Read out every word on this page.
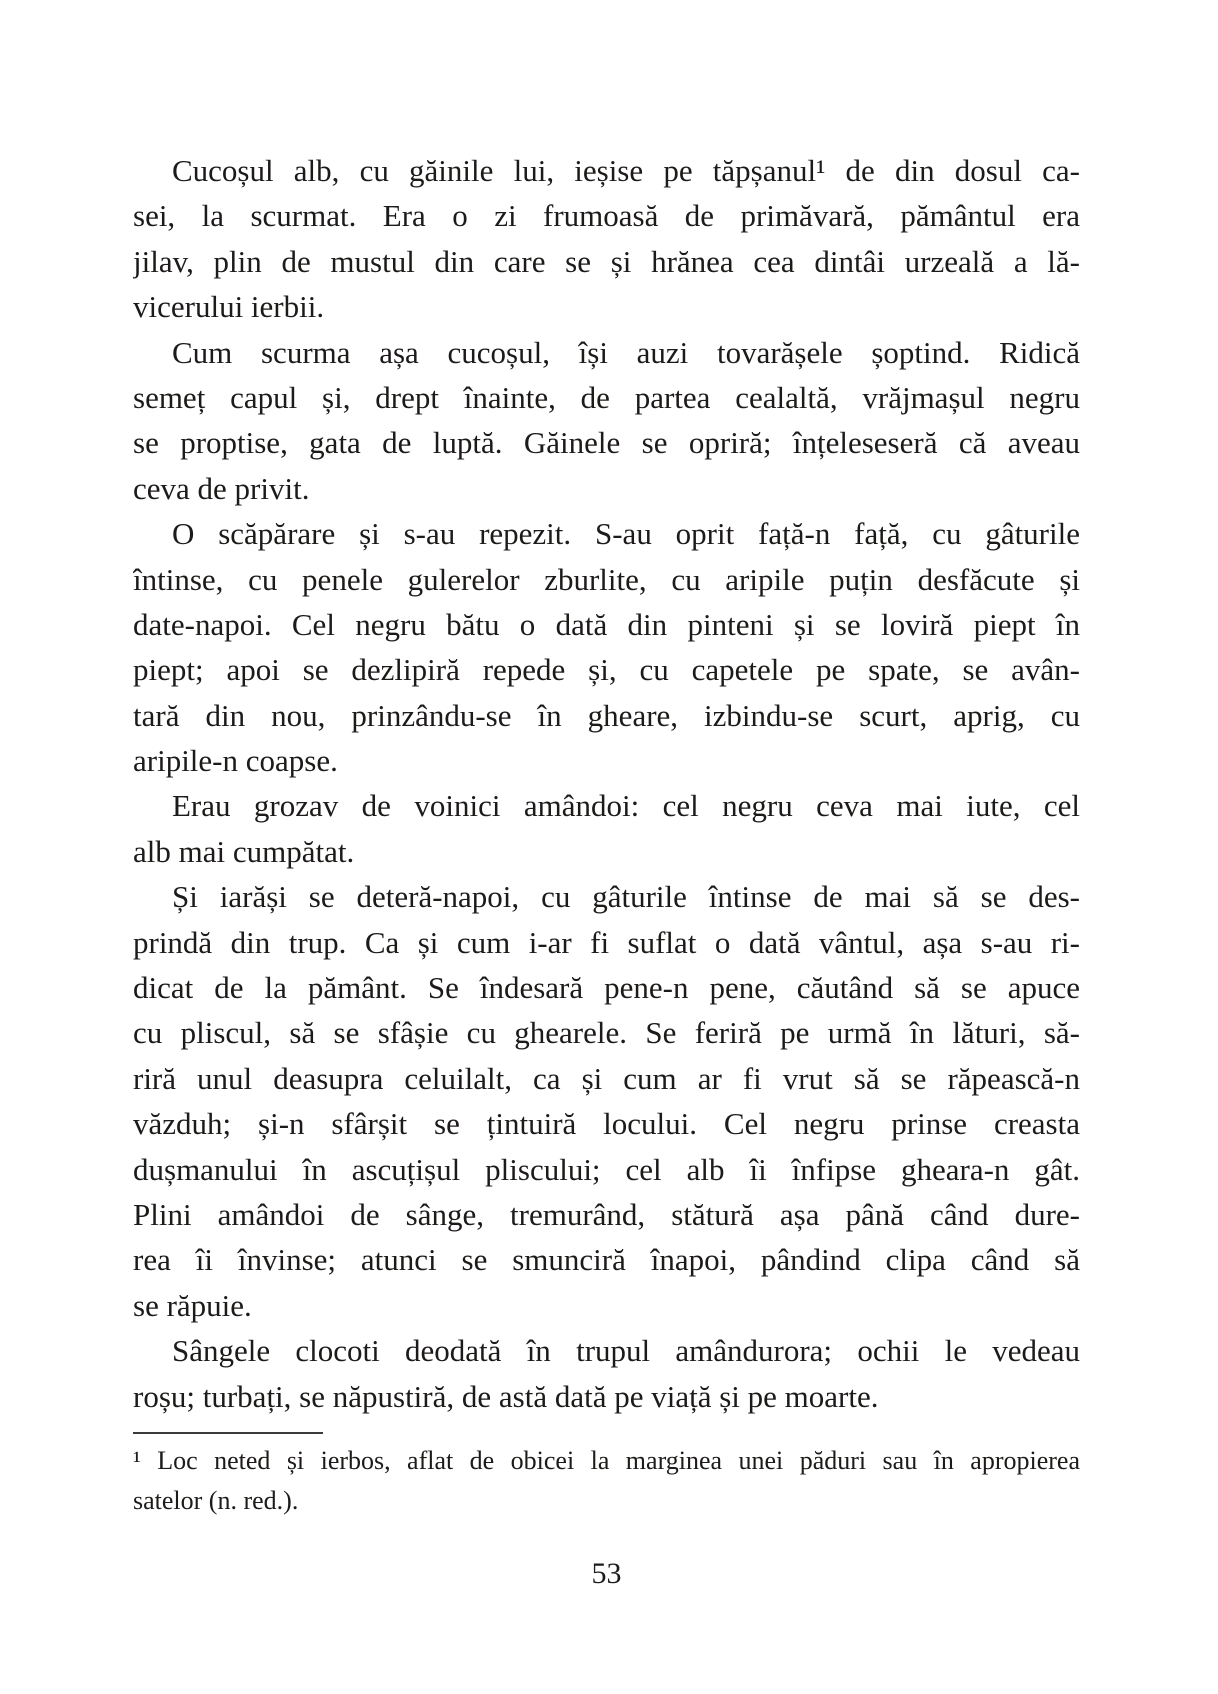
Cucoșul alb, cu găinile lui, ieșise pe tăpșanul¹ de din dosul ca-
sei, la scurmat. Era o zi frumoasă de primăvară, pământul era
jilav, plin de mustul din care se și hrănea cea dintâi urzeală a lă-
vicerului ierbii.
Cum scurma așa cucoșul, își auzi tovarășele șoptind. Ridică
semeț capul și, drept înainte, de partea cealaltă, vrăjmașul negru
se proptise, gata de luptă. Găinele se opriră; înțeleseseră că aveau
ceva de privit.
O scăpărare și s-au repezit. S-au oprit față-n față, cu gâturile
întinse, cu penele gulerelor zburlite, cu aripile puțin desfăcute și
date-napoi. Cel negru bătu o dată din pinteni și se loviră piept în
piept; apoi se dezlipiră repede și, cu capetele pe spate, se avân-
tară din nou, prinzându-se în gheare, izbindu-se scurt, aprig, cu
aripile-n coapse.
Erau grozav de voinici amândoi: cel negru ceva mai iute, cel
alb mai cumpătat.
Și iarăși se deteră-napoi, cu gâturile întinse de mai să se des-
prindă din trup. Ca și cum i-ar fi suflat o dată vântul, așa s-au ri-
dicat de la pământ. Se îndesară pene-n pene, căutând să se apuce
cu pliscul, să se sfâșie cu ghearele. Se feriră pe urmă în lături, să-
riră unul deasupra celuilalt, ca și cum ar fi vrut să se răpească-n
văzduh; și-n sfârșit se țintuiră locului. Cel negru prinse creasta
dușmanului în ascuțișul pliscului; cel alb îi înfipse gheara-n gât.
Plini amândoi de sânge, tremurând, stătură așa până când dure-
rea îi învinse; atunci se smunciră înapoi, pândind clipa când să
se răpuie.
Sângele clocoti deodată în trupul amândurora; ochii le vedeau
roșu; turbați, se năpustiră, de astă dată pe viață și pe moarte.
¹ Loc neted și ierbos, aflat de obicei la marginea unei păduri sau în apropierea
satelor (n. red.).
53
